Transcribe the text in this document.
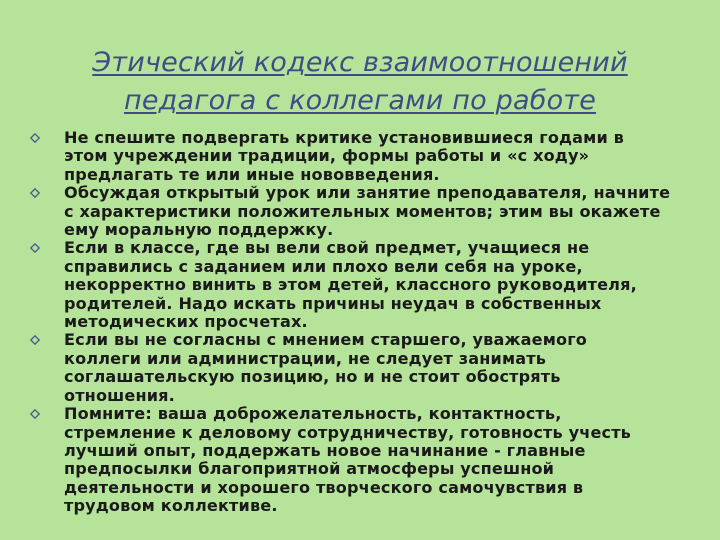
Этический кодекс взаимоотношений
педагога с коллегами по работе
Не спешите подвергать критике установившиеся годами в
этом учреждении традиции, формы работы и «с ходу»
предлагать те или иные нововведения.
Обсуждая открытый урок или занятие преподавателя, начните
с характеристики положительных моментов; этим вы окажете
ему моральную поддержку.
Если в классе, где вы вели свой предмет, учащиеся не
справились с заданием или плохо вели себя на уроке,
некорректно винить в этом детей, классного руководителя,
родителей. Надо искать причины неудач в собственных
методических просчетах.
Если вы не согласны с мнением старшего, уважаемого
коллеги или администрации, не следует занимать
соглашательскую позицию, но и не стоит обострять
отношения.
Помните: ваша доброжелательность, контактность,
стремление к деловому сотрудничеству, готовность учесть
лучший опыт, поддержать новое начинание - главные
предпосылки благоприятной атмосферы успешной
деятельности и хорошего творческого самочувствия в
трудовом коллективе.
